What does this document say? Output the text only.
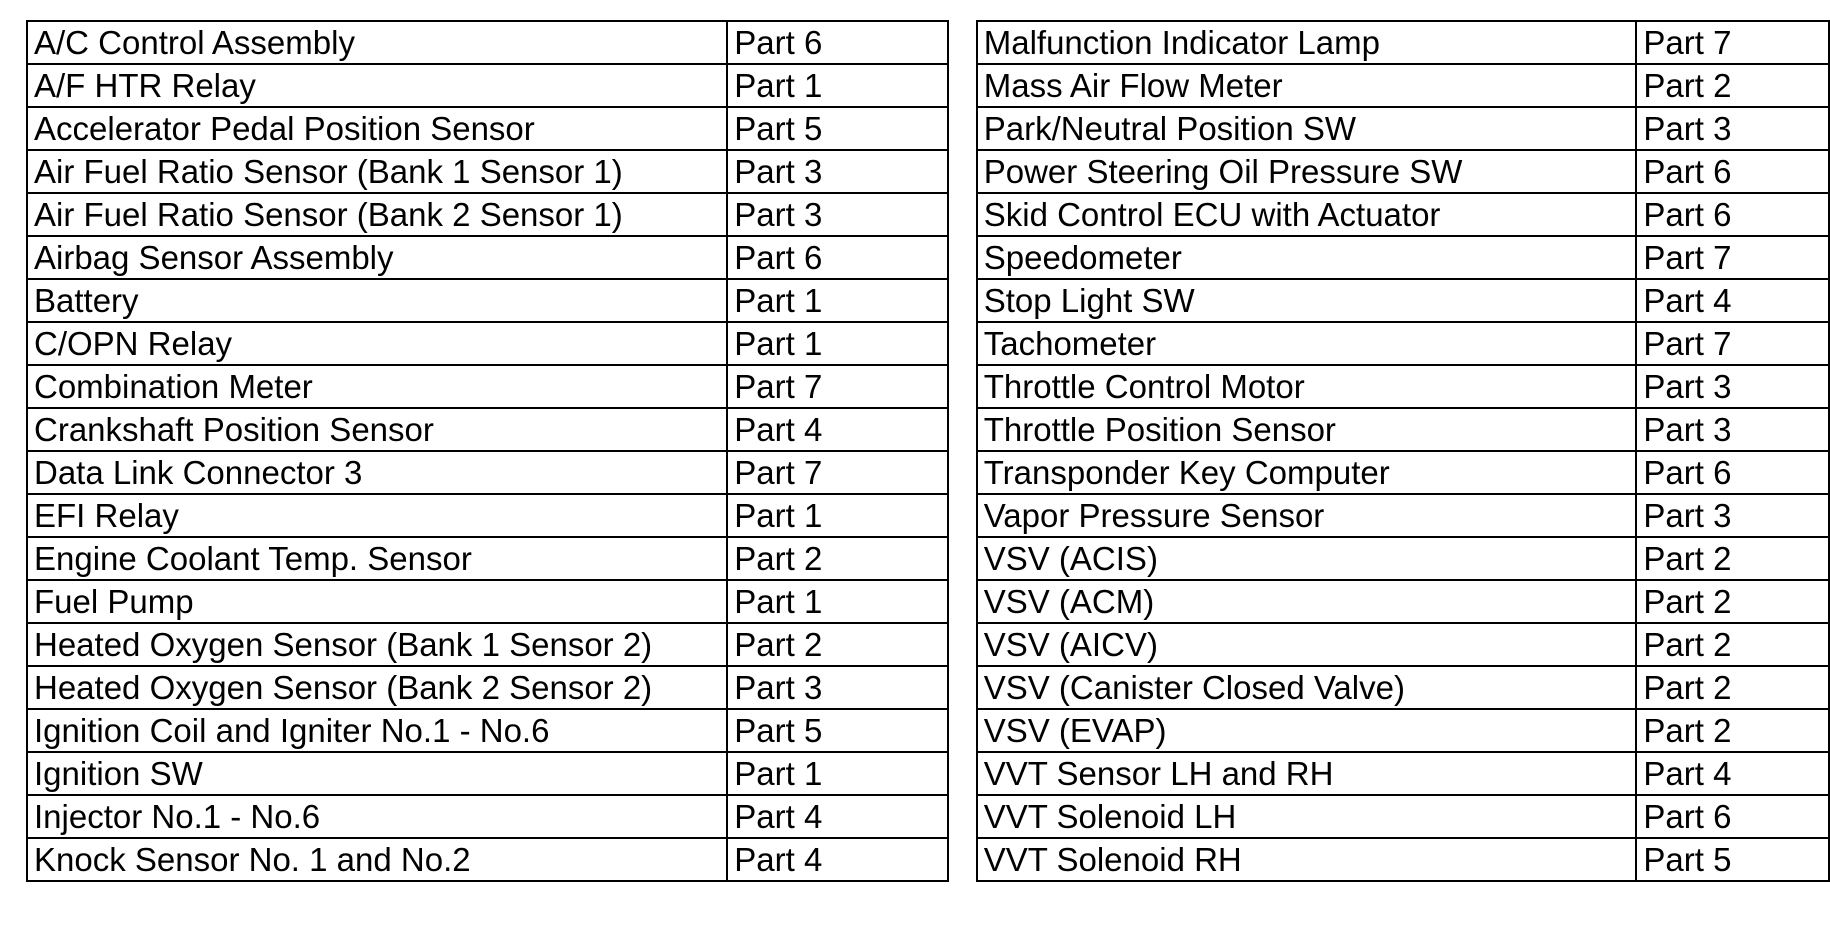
A/C Control Assembly	Part 6
A/F HTR Relay	Part 1
Accelerator Pedal Position Sensor	Part 5
Air Fuel Ratio Sensor (Bank 1 Sensor 1)	Part 3
Air Fuel Ratio Sensor (Bank 2 Sensor 1)	Part 3
Airbag Sensor Assembly	Part 6
Battery	Part 1
C/OPN Relay	Part 1
Combination Meter	Part 7
Crankshaft Position Sensor	Part 4
Data Link Connector 3	Part 7
EFI Relay	Part 1
Engine Coolant Temp. Sensor	Part 2
Fuel Pump	Part 1
Heated Oxygen Sensor (Bank 1 Sensor 2)	Part 2
Heated Oxygen Sensor (Bank 2 Sensor 2)	Part 3
Ignition Coil and Igniter No.1 - No.6	Part 5
Ignition SW	Part 1
Injector No.1 - No.6	Part 4
Knock Sensor No. 1 and No.2	Part 4
Malfunction Indicator Lamp	Part 7
Mass Air Flow Meter	Part 2
Park/Neutral Position SW	Part 3
Power Steering Oil Pressure SW	Part 6
Skid Control ECU with Actuator	Part 6
Speedometer	Part 7
Stop Light SW	Part 4
Tachometer	Part 7
Throttle Control Motor	Part 3
Throttle Position Sensor	Part 3
Transponder Key Computer	Part 6
Vapor Pressure Sensor	Part 3
VSV (ACIS)	Part 2
VSV (ACM)	Part 2
VSV (AICV)	Part 2
VSV (Canister Closed Valve)	Part 2
VSV (EVAP)	Part 2
VVT Sensor LH and RH	Part 4
VVT Solenoid LH	Part 6
VVT Solenoid RH	Part 5
